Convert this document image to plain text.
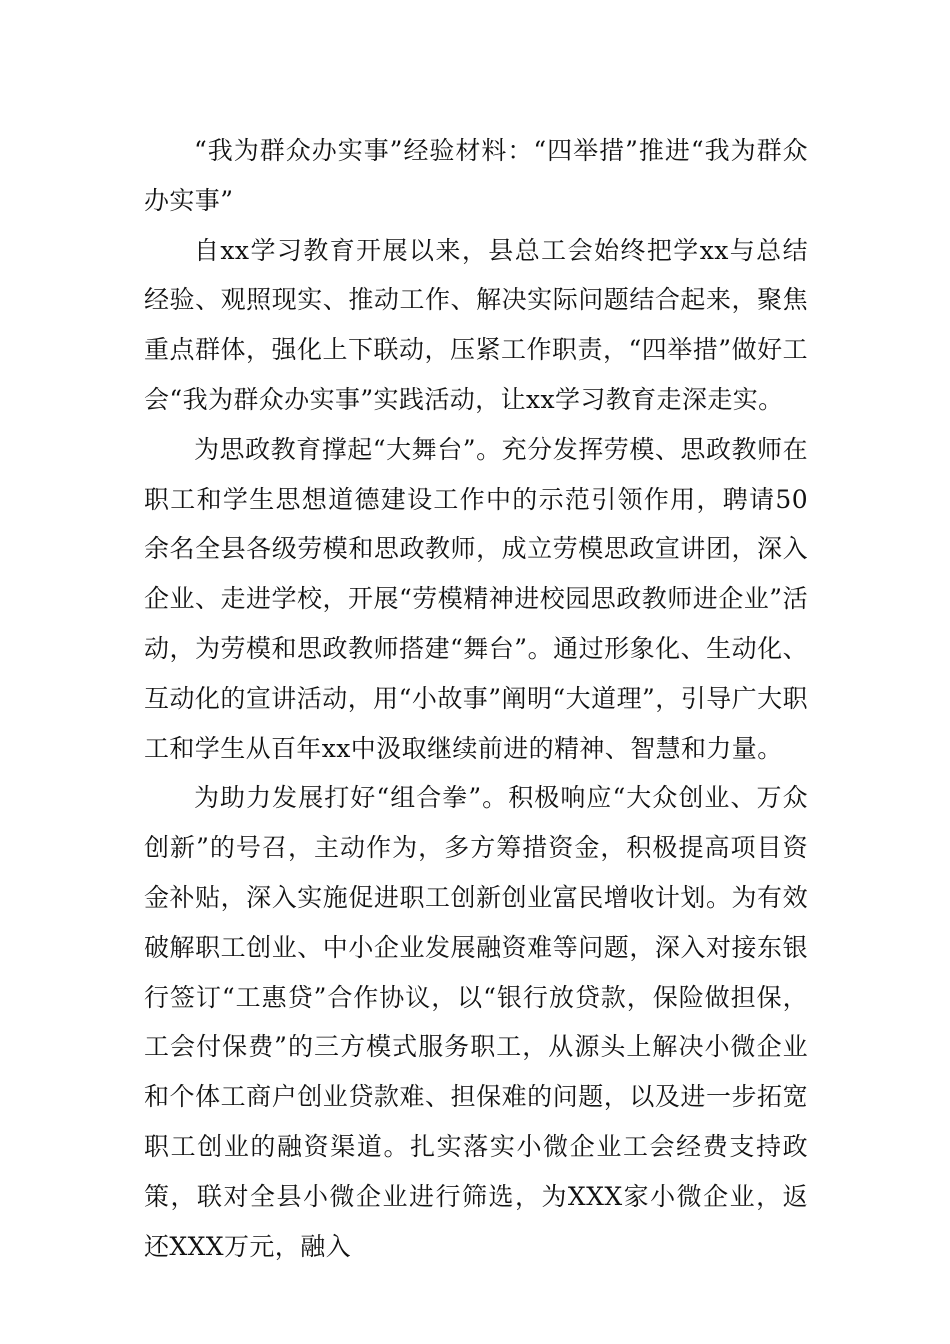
“我为群众办实事”经验材料：“四举措”推进“我为群众办实事”

自xx学习教育开展以来，县总工会始终把学xx与总结经验、观照现实、推动工作、解决实际问题结合起来，聚焦重点群体，强化上下联动，压紧工作职责，“四举措”做好工会“我为群众办实事”实践活动，让xx学习教育走深走实。

为思政教育撑起“大舞台”。充分发挥劳模、思政教师在职工和学生思想道德建设工作中的示范引领作用，聘请50余名全县各级劳模和思政教师，成立劳模思政宣讲团，深入企业、走进学校，开展“劳模精神进校园思政教师进企业”活动，为劳模和思政教师搭建“舞台”。通过形象化、生动化、互动化的宣讲活动，用“小故事”阐明“大道理”，引导广大职工和学生从百年xx中汲取继续前进的精神、智慧和力量。

为助力发展打好“组合拳”。积极响应“大众创业、万众创新”的号召，主动作为，多方筹措资金，积极提高项目资金补贴，深入实施促进职工创新创业富民增收计划。为有效破解职工创业、中小企业发展融资难等问题，深入对接东银行签订“工惠贷”合作协议，以“银行放贷款，保险做担保，工会付保费”的三方模式服务职工，从源头上解决小微企业和个体工商户创业贷款难、担保难的问题，以及进一步拓宽职工创业的融资渠道。扎实落实小微企业工会经费支持政策，联对全县小微企业进行筛选，为XXX家小微企业，返还XXX万元，融入
